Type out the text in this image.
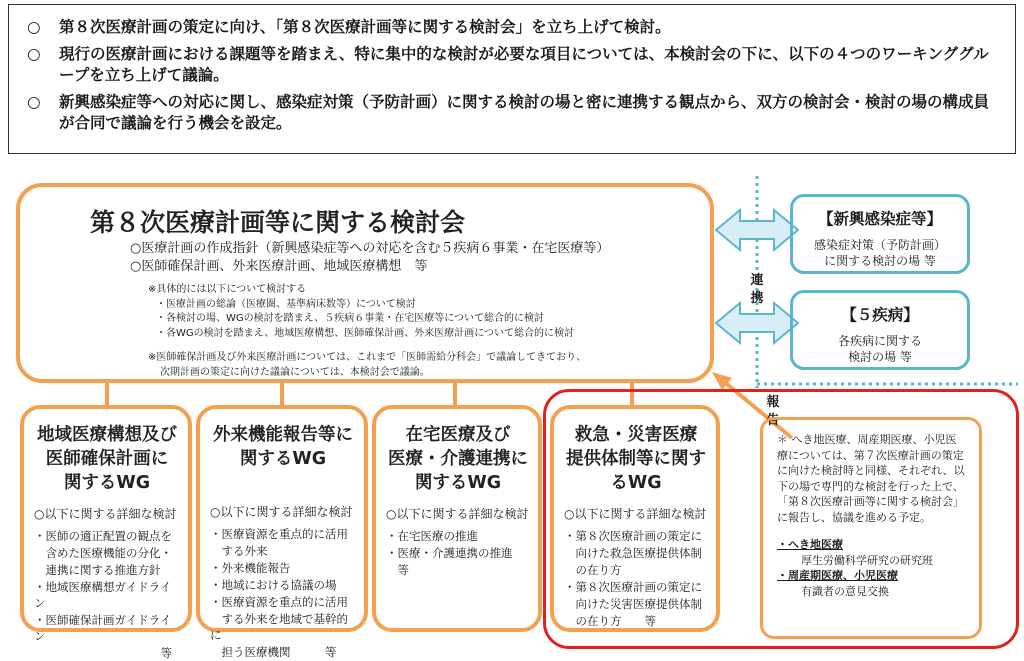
○	第８次医療計画の策定に向け、「第８次医療計画等に関する検討会」を立ち上げて検討。
○	現行の医療計画における課題等を踏まえ、特に集中的な検討が必要な項目については、本検討会の下に、以下の４つのワーキンググループを立ち上げて議論。
○	新興感染症等への対応に関し、感染症対策（予防計画）に関する検討の場と密に連携する観点から、双方の検討会・検討の場の構成員が合同で議論を行う機会を設定。
第８次医療計画等に関する検討会
○医療計画の作成指針（新興感染症等への対応を含む５疾病６事業・在宅医療等）
○医師確保計画、外来医療計画、地域医療構想　等
※具体的には以下について検討する
・医療計画の総論（医療圏、基準病床数等）について検討
・各検討の場、WGの検討を踏まえ、５疾病６事業・在宅医療等について総合的に検討
・各WGの検討を踏まえ、地域医療構想、医師確保計画、外来医療計画について総合的に検討
※医師確保計画及び外来医療計画については、これまで「医師需給分科会」で議論してきており、
次期計画の策定に向けた議論については、本検討会で議論。
【新興感染症等】
感染症対策（予防計画）
に関する検討の場 等
【５疾病】
各疾病に関する
検討の場 等
連
携
報
告
地域医療構想及び
医師確保計画に
関するWG
○以下に関する詳細な検討
・医師の適正配置の観点を
　含めた医療機能の分化・
　連携に関する推進方針
・地域医療構想ガイドライン
・医師確保計画ガイドライン
　　　　　　　　　　　等
外来機能報告等に
関するWG
○以下に関する詳細な検討
・医療資源を重点的に活用
　する外来
・外来機能報告
・地域における協議の場
・医療資源を重点的に活用
　する外来を地域で基幹的に
　担う医療機関　　　等
在宅医療及び
医療・介護連携に
関するWG
○以下に関する詳細な検討
・在宅医療の推進
・医療・介護連携の推進
　等
救急・災害医療
提供体制等に関す
るWG
○以下に関する詳細な検討
・第８次医療計画の策定に
　向けた救急医療提供体制
　の在り方
・第８次医療計画の策定に
　向けた災害医療提供体制
　の在り方　　等
＊ へき地医療、周産期医療、小児医療については、第７次医療計画の策定に向けた検討時と同様、それぞれ、以下の場で専門的な検討を行った上で、「第８次医療計画等に関する検討会」に報告し、協議を進める予定。
・へき地医療
厚生労働科学研究の研究班
・周産期医療、小児医療
有識者の意見交換
